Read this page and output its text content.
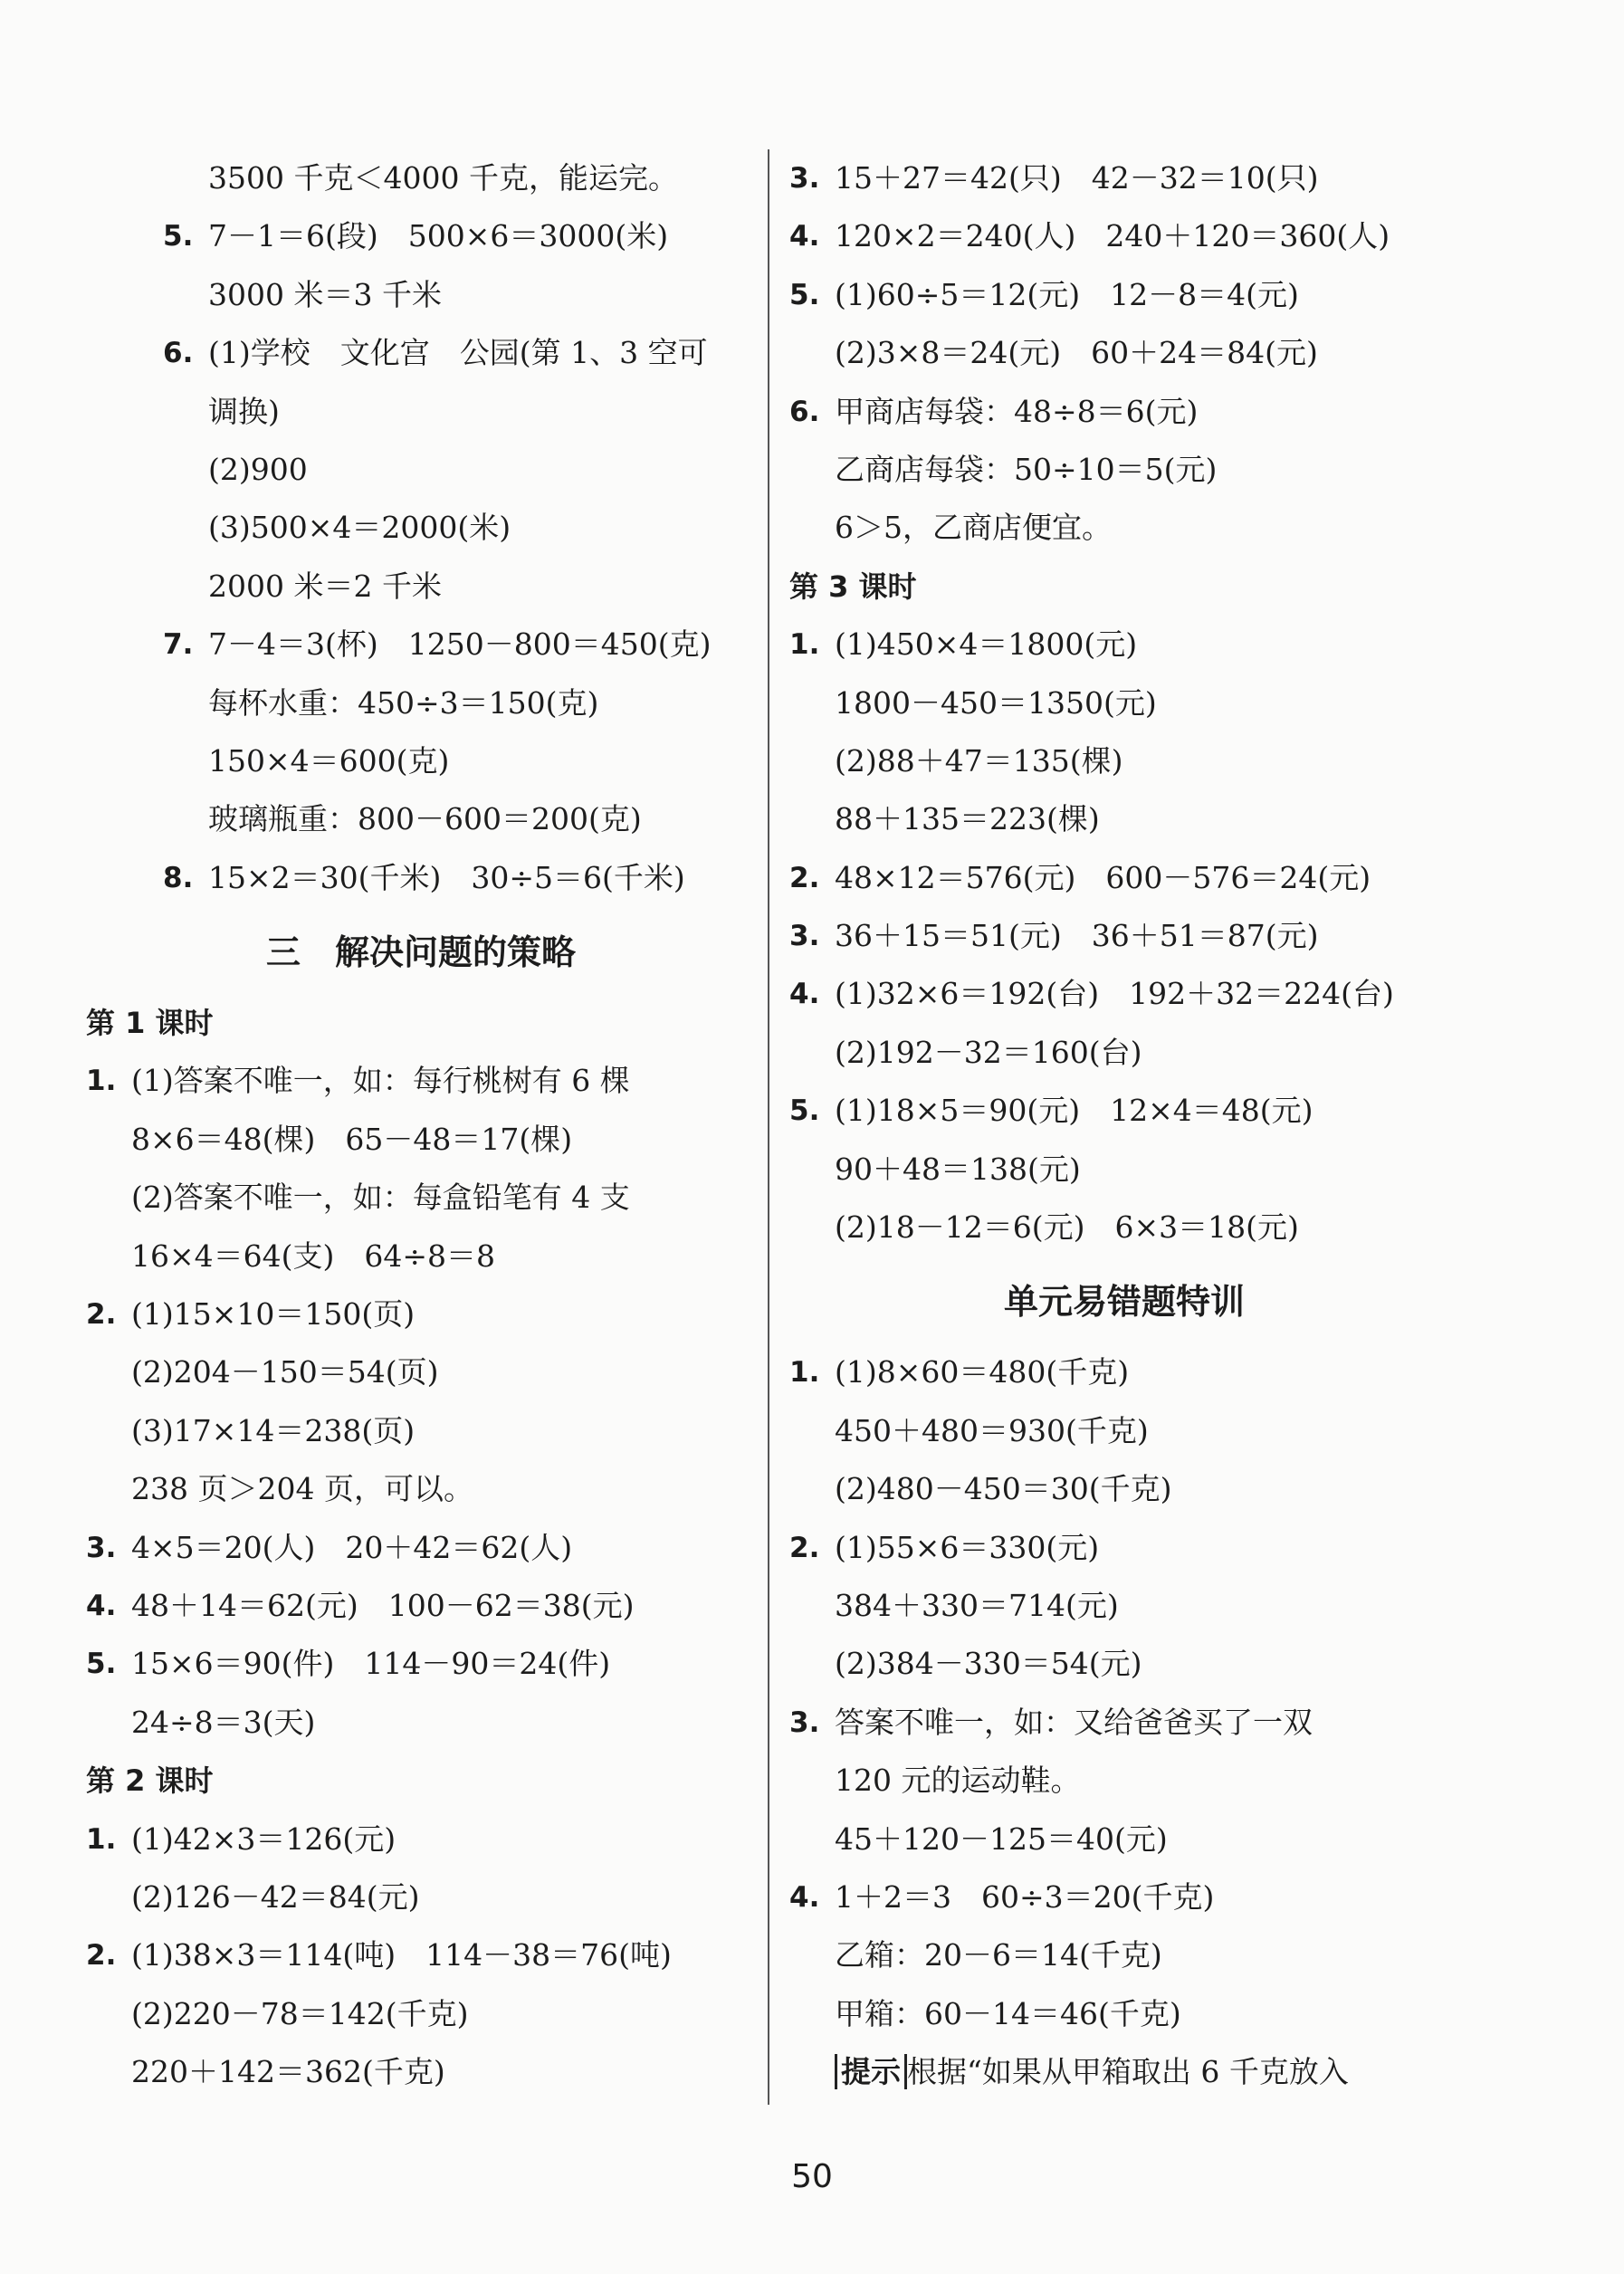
3500 千克＜4000 千克，能运完。
5. 7－1＝6(段)　500×6＝3000(米)
3000 米＝3 千米
6. (1)学校　文化宫　公园(第 1、3 空可
调换)
(2)900
(3)500×4＝2000(米)
2000 米＝2 千米
7. 7－4＝3(杯)　1250－800＝450(克)
每杯水重：450÷3＝150(克)
150×4＝600(克)
玻璃瓶重：800－600＝200(克)
8. 15×2＝30(千米)　30÷5＝6(千米)
三　解决问题的策略
第 1 课时
1. (1)答案不唯一，如：每行桃树有 6 棵
8×6＝48(棵)　65－48＝17(棵)
(2)答案不唯一，如：每盒铅笔有 4 支
16×4＝64(支)　64÷8＝8
2. (1)15×10＝150(页)
(2)204－150＝54(页)
(3)17×14＝238(页)
238 页＞204 页，可以。
3. 4×5＝20(人)　20＋42＝62(人)
4. 48＋14＝62(元)　100－62＝38(元)
5. 15×6＝90(件)　114－90＝24(件)
24÷8＝3(天)
第 2 课时
1. (1)42×3＝126(元)
(2)126－42＝84(元)
2. (1)38×3＝114(吨)　114－38＝76(吨)
(2)220－78＝142(千克)
220＋142＝362(千克)
3. 15＋27＝42(只)　42－32＝10(只)
4. 120×2＝240(人)　240＋120＝360(人)
5. (1)60÷5＝12(元)　12－8＝4(元)
(2)3×8＝24(元)　60＋24＝84(元)
6. 甲商店每袋：48÷8＝6(元)
乙商店每袋：50÷10＝5(元)
6＞5，乙商店便宜。
第 3 课时
1. (1)450×4＝1800(元)
1800－450＝1350(元)
(2)88＋47＝135(棵)
88＋135＝223(棵)
2. 48×12＝576(元)　600－576＝24(元)
3. 36＋15＝51(元)　36＋51＝87(元)
4. (1)32×6＝192(台)　192＋32＝224(台)
(2)192－32＝160(台)
5. (1)18×5＝90(元)　12×4＝48(元)
90＋48＝138(元)
(2)18－12＝6(元)　6×3＝18(元)
单元易错题特训
1. (1)8×60＝480(千克)
450＋480＝930(千克)
(2)480－450＝30(千克)
2. (1)55×6＝330(元)
384＋330＝714(元)
(2)384－330＝54(元)
3. 答案不唯一，如：又给爸爸买了一双
120 元的运动鞋。
45＋120－125＝40(元)
4. 1＋2＝3　60÷3＝20(千克)
乙箱：20－6＝14(千克)
甲箱：60－14＝46(千克)
提示 根据“如果从甲箱取出 6 千克放入
50
